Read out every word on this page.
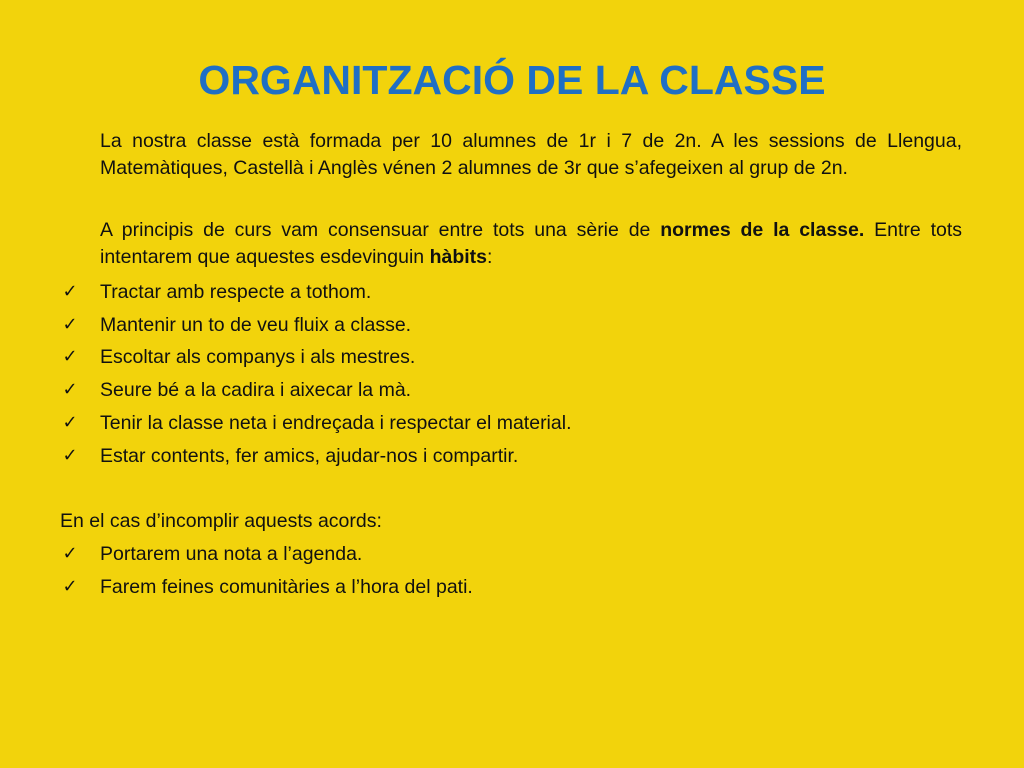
ORGANITZACIÓ DE LA CLASSE

La nostra classe està formada per 10 alumnes de 1r i 7 de 2n. A les sessions de Llengua, Matemàtiques, Castellà i Anglès vénen 2 alumnes de 3r que s’afegeixen al grup de 2n.

A principis de curs vam consensuar entre tots una sèrie de normes de la classe. Entre tots intentarem que aquestes esdevinguin hàbits:

✓ Tractar amb respecte a tothom.
✓ Mantenir un to de veu fluix a classe.
✓ Escoltar als companys i als mestres.
✓ Seure bé a la cadira i aixecar la mà.
✓ Tenir la classe neta i endreçada i respectar el material.
✓ Estar contents, fer amics, ajudar-nos i compartir.
En el cas d’incomplir aquests acords:
✓ Portarem una nota a l’agenda.
✓ Farem feines comunitàries a l’hora del pati.
